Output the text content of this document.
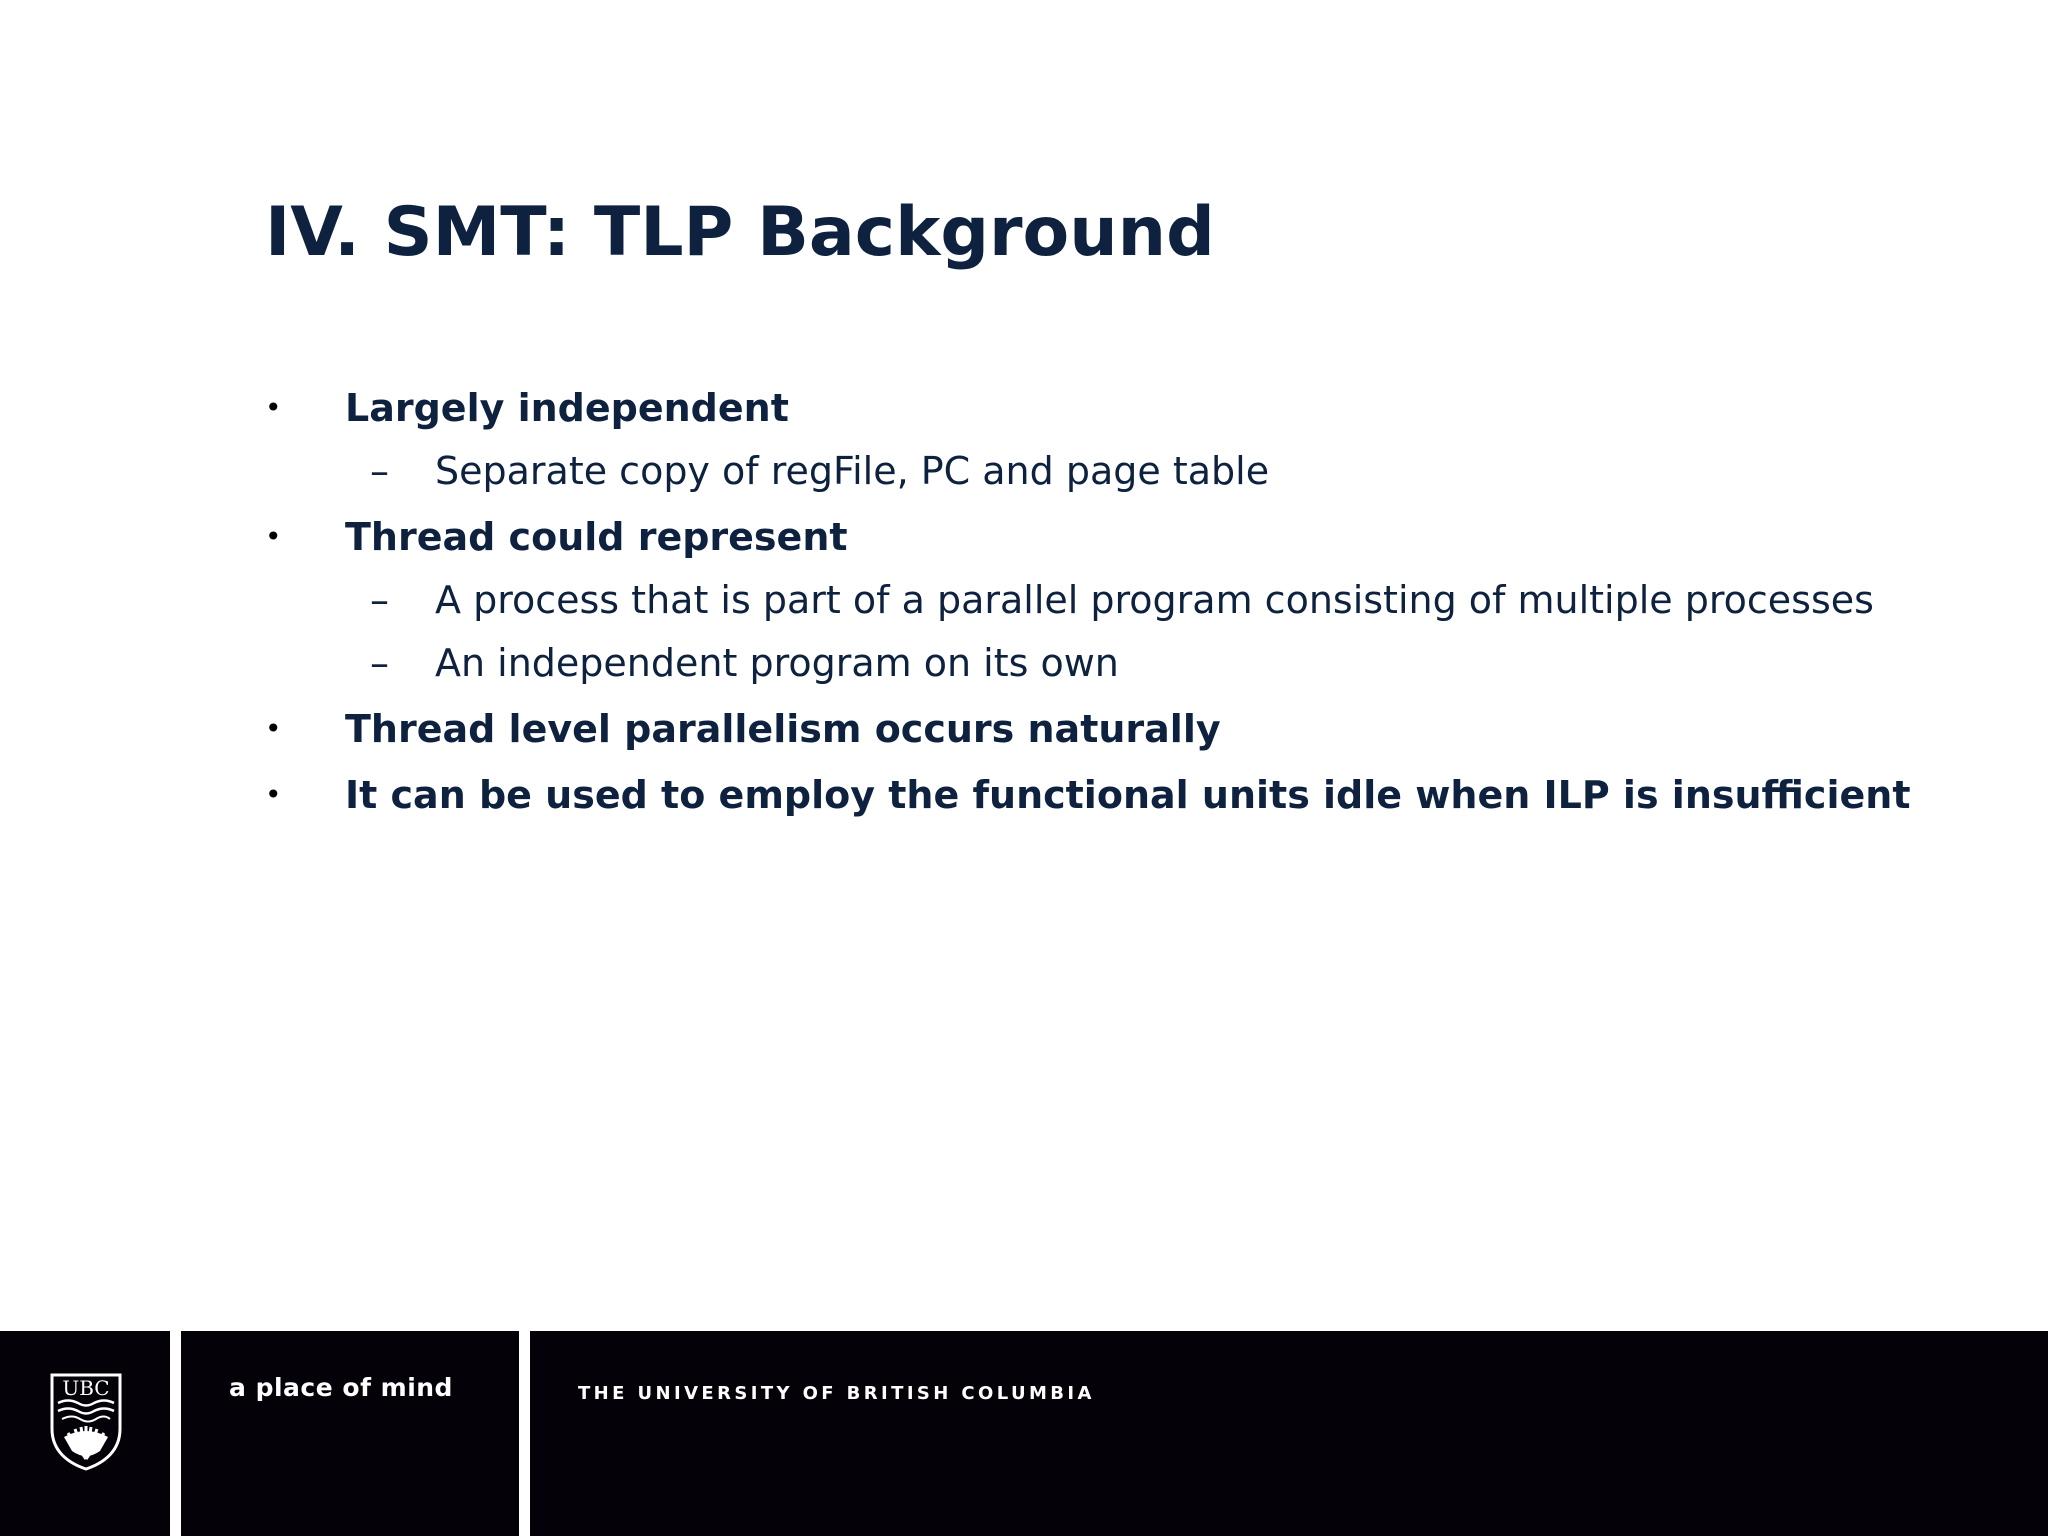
IV. SMT: TLP Background
• Largely independent
– Separate copy of regFile, PC and page table
• Thread could represent
– A process that is part of a parallel program consisting of multiple processes
– An independent program on its own
• Thread level parallelism occurs naturally
• It can be used to employ the functional units idle when ILP is insufficient
UBC	a place of mind	THE UNIVERSITY OF BRITISH COLUMBIA
